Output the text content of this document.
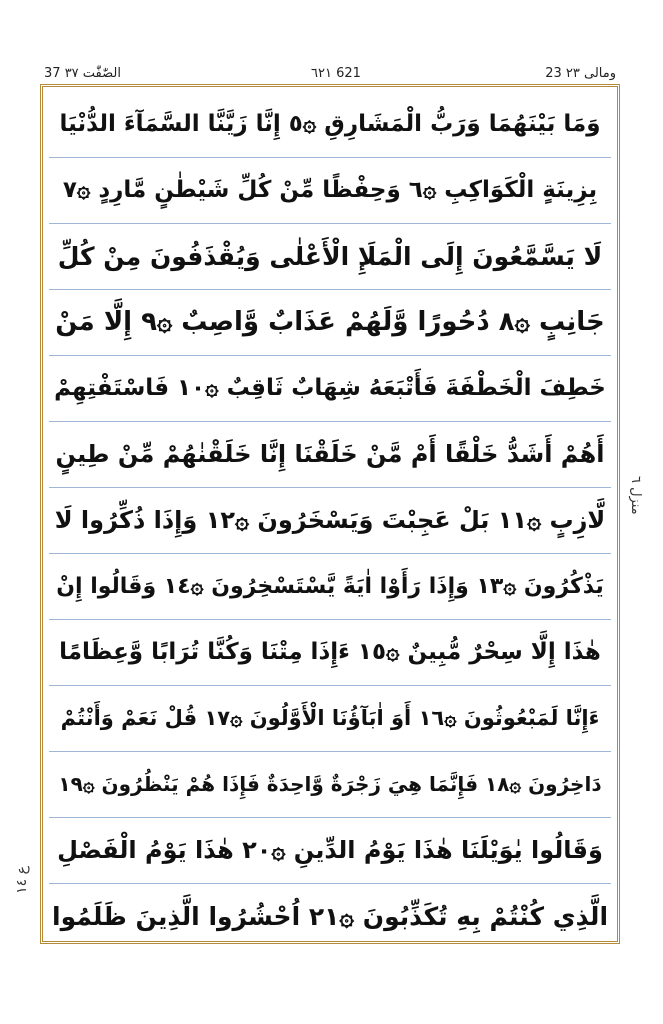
الصّٰفّٰت ٣٧ 37	٦٢١ 621	23 ومالی ٢٣
وَمَا بَيْنَهُمَا وَرَبُّ الْمَشَارِقِ ۞٥ إِنَّا زَيَّنَّا السَّمَآءَ الدُّنْيَا
بِزِينَةٍ الْكَوَاكِبِ ۞٦ وَحِفْظًا مِّنْ كُلِّ شَيْطٰنٍ مَّارِدٍ ۞٧
لَا يَسَّمَّعُونَ إِلَى الْمَلَإِ الْأَعْلٰى وَيُقْذَفُونَ مِنْ كُلِّ
جَانِبٍ ۞٨ دُحُورًا وَّلَهُمْ عَذَابٌ وَّاصِبٌ ۞٩ إِلَّا مَنْ
خَطِفَ الْخَطْفَةَ فَأَتْبَعَهُ شِهَابٌ ثَاقِبٌ ۞١٠ فَاسْتَفْتِهِمْ
أَهُمْ أَشَدُّ خَلْقًا أَمْ مَّنْ خَلَقْنَا إِنَّا خَلَقْنٰهُمْ مِّنْ طِينٍ
لَّازِبٍ ۞١١ بَلْ عَجِبْتَ وَيَسْخَرُونَ ۞١٢ وَإِذَا ذُكِّرُوا لَا
يَذْكُرُونَ ۞١٣ وَإِذَا رَأَوْا اٰيَةً يَّسْتَسْخِرُونَ ۞١٤ وَقَالُوا إِنْ
هٰذَا إِلَّا سِحْرٌ مُّبِينٌ ۞١٥ ءَإِذَا مِتْنَا وَكُنَّا تُرَابًا وَّعِظَامًا
ءَإِنَّا لَمَبْعُوثُونَ ۞١٦ أَوَ اٰبَآؤُنَا الْأَوَّلُونَ ۞١٧ قُلْ نَعَمْ وَأَنْتُمْ
دَاخِرُونَ ۞١٨ فَإِنَّمَا هِيَ زَجْرَةٌ وَّاحِدَةٌ فَإِذَا هُمْ يَنْظُرُونَ ۞١٩
وَقَالُوا يٰوَيْلَنَا هٰذَا يَوْمُ الدِّينِ ۞٢٠ هٰذَا يَوْمُ الْفَصْلِ
الَّذِي كُنْتُمْ بِهِ تُكَذِّبُونَ ۞٢١ اُحْشُرُوا الَّذِينَ ظَلَمُوا
منزل ٦
ع ١٤
